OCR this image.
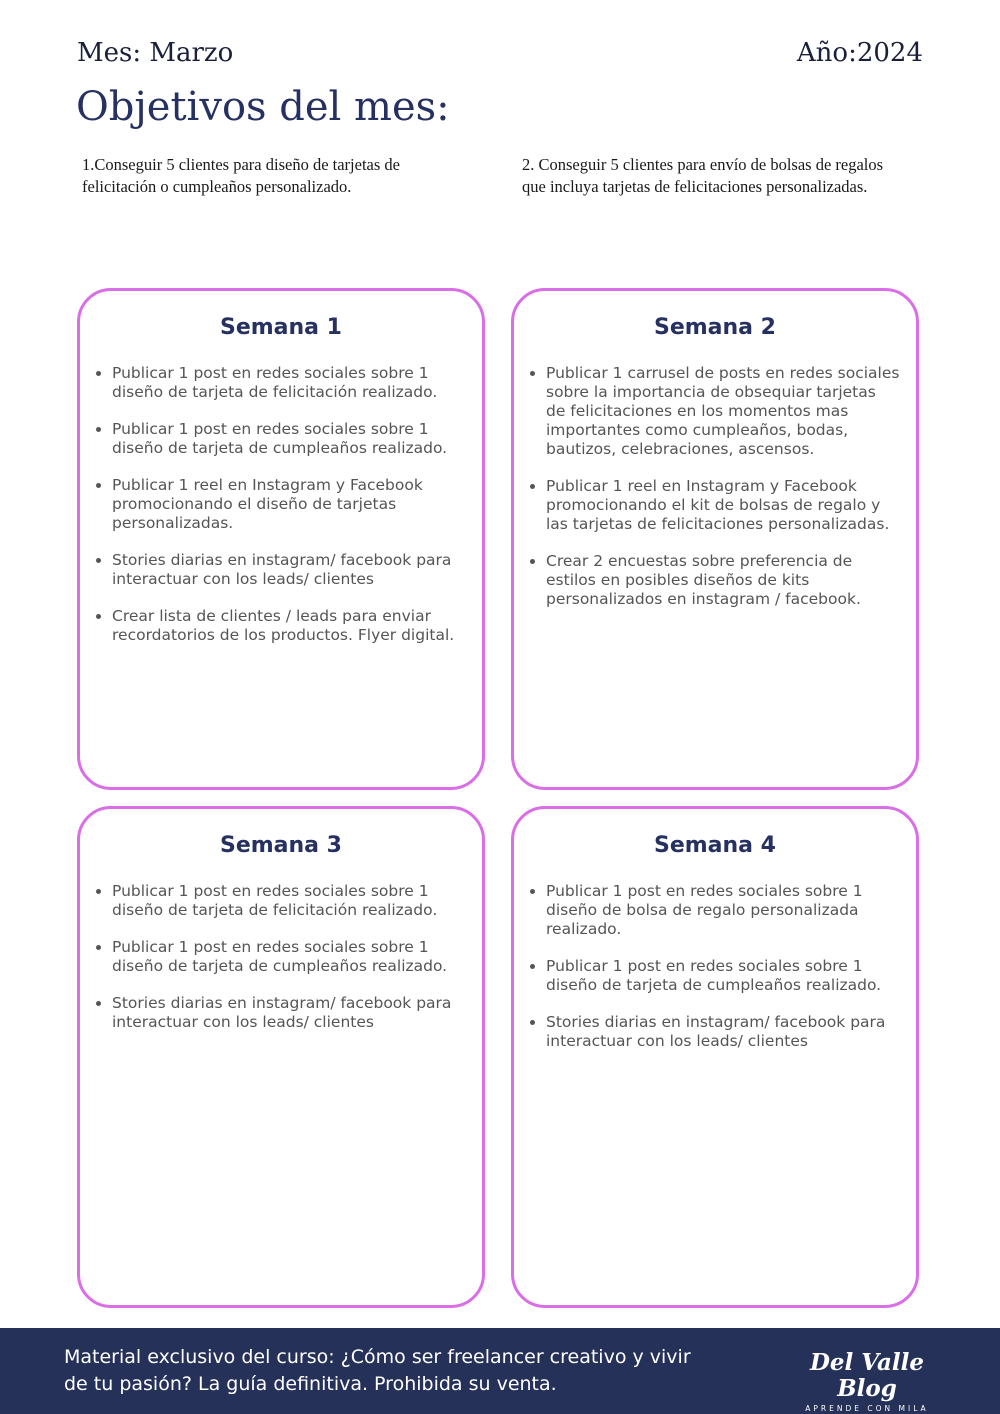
Mes: Marzo	Año:2024
Objetivos del mes:
1.Conseguir 5 clientes para diseño de tarjetas de felicitación o cumpleaños personalizado.
2. Conseguir 5 clientes para envío de bolsas de regalos que incluya tarjetas de felicitaciones personalizadas.
Semana 1
• Publicar 1 post en redes sociales sobre 1 diseño de tarjeta de felicitación realizado.
• Publicar 1 post en redes sociales sobre 1 diseño de tarjeta de cumpleaños realizado.
• Publicar 1 reel en Instagram y Facebook promocionando el diseño de tarjetas personalizadas.
• Stories diarias en instagram/ facebook para interactuar con los leads/ clientes
• Crear lista de clientes / leads para enviar recordatorios de los productos. Flyer digital.
Semana 2
• Publicar 1 carrusel de posts en redes sociales sobre la importancia de obsequiar tarjetas de felicitaciones en los momentos mas importantes como cumpleaños, bodas, bautizos, celebraciones, ascensos.
• Publicar 1 reel en Instagram y Facebook promocionando el kit de bolsas de regalo y las tarjetas de felicitaciones personalizadas.
• Crear 2 encuestas sobre preferencia de estilos en posibles diseños de kits personalizados en instagram / facebook.
Semana 3
• Publicar 1 post en redes sociales sobre 1 diseño de tarjeta de felicitación realizado.
• Publicar 1 post en redes sociales sobre 1 diseño de tarjeta de cumpleaños realizado.
• Stories diarias en instagram/ facebook para interactuar con los leads/ clientes
Semana 4
• Publicar 1 post en redes sociales sobre 1 diseño de bolsa de regalo personalizada realizado.
• Publicar 1 post en redes sociales sobre 1 diseño de tarjeta de cumpleaños realizado.
• Stories diarias en instagram/ facebook para interactuar con los leads/ clientes
Material exclusivo del curso: ¿Cómo ser freelancer creativo y vivir de tu pasión? La guía definitiva. Prohibida su venta.
Del Valle Blog
APRENDE CON MILA
